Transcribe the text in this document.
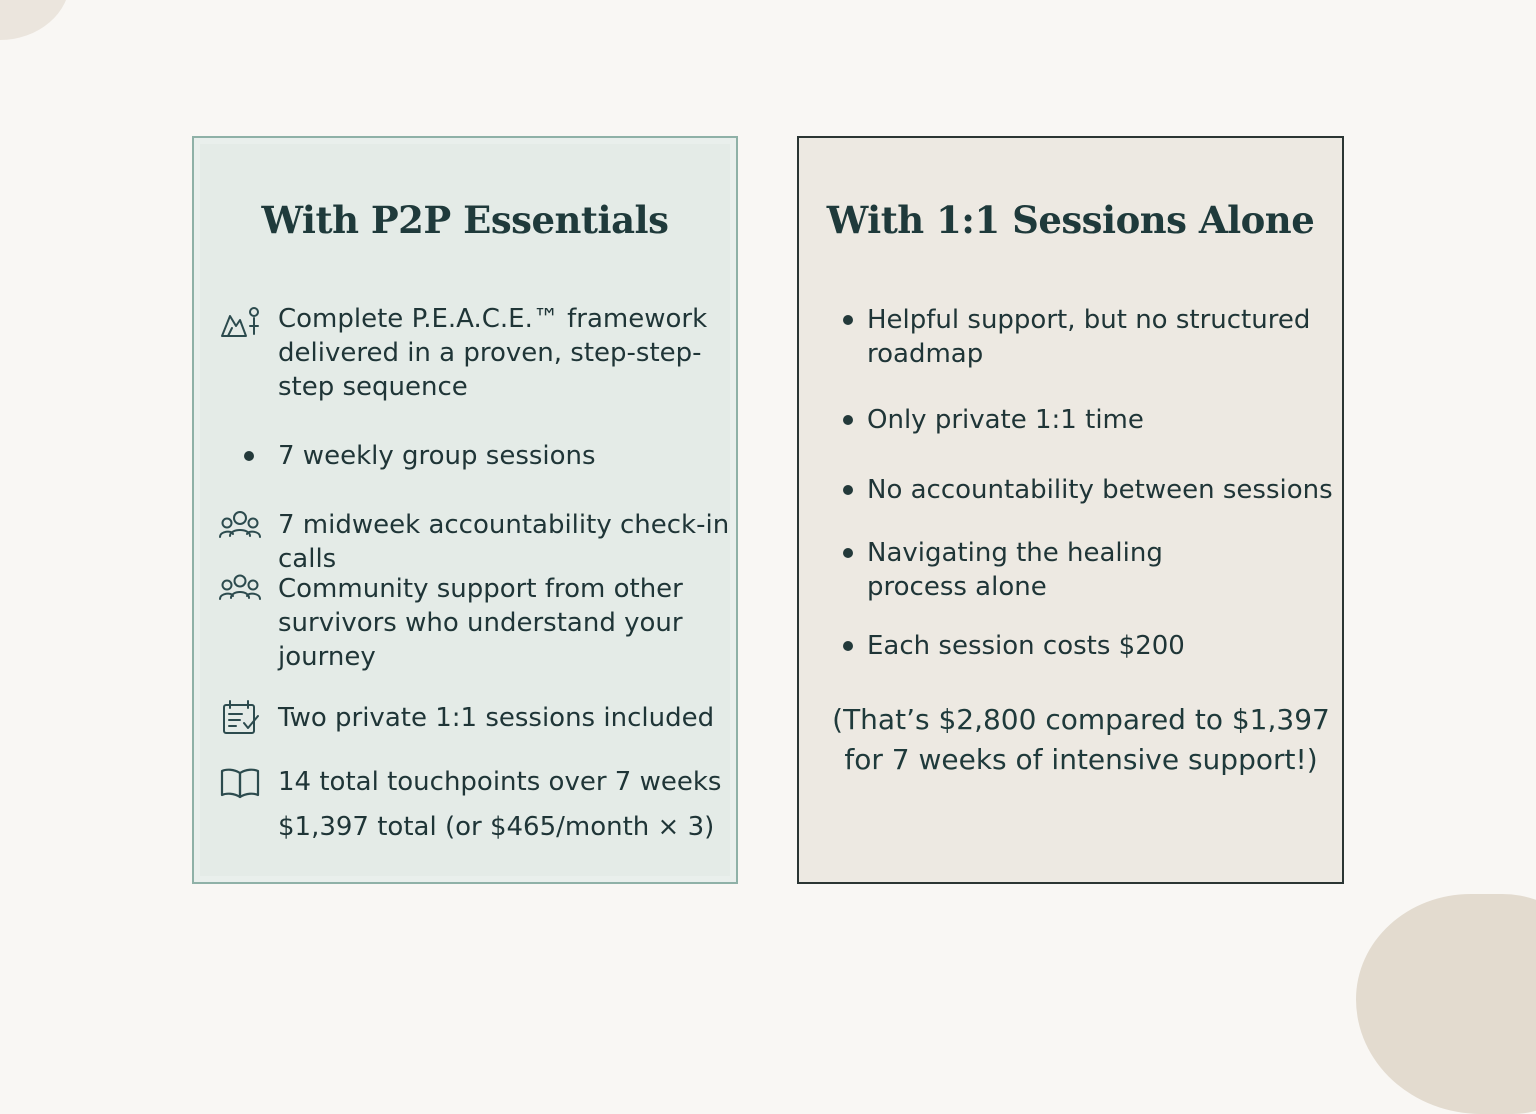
With P2P Essentials
Complete P.E.A.C.E.™ framework delivered in a proven, step-step-step sequence
7 weekly group sessions
7 midweek accountability check-in calls
Community support from other survivors who understand your journey
Two private 1:1 sessions included
14 total touchpoints over 7 weeks
$1,397 total (or $465/month × 3)
With 1:1 Sessions Alone
Helpful support, but no structured roadmap
Only private 1:1 time
No accountability between sessions
Navigating the healing process alone
Each session costs $200
(That’s $2,800 compared to $1,397 for 7 weeks of intensive support!)
